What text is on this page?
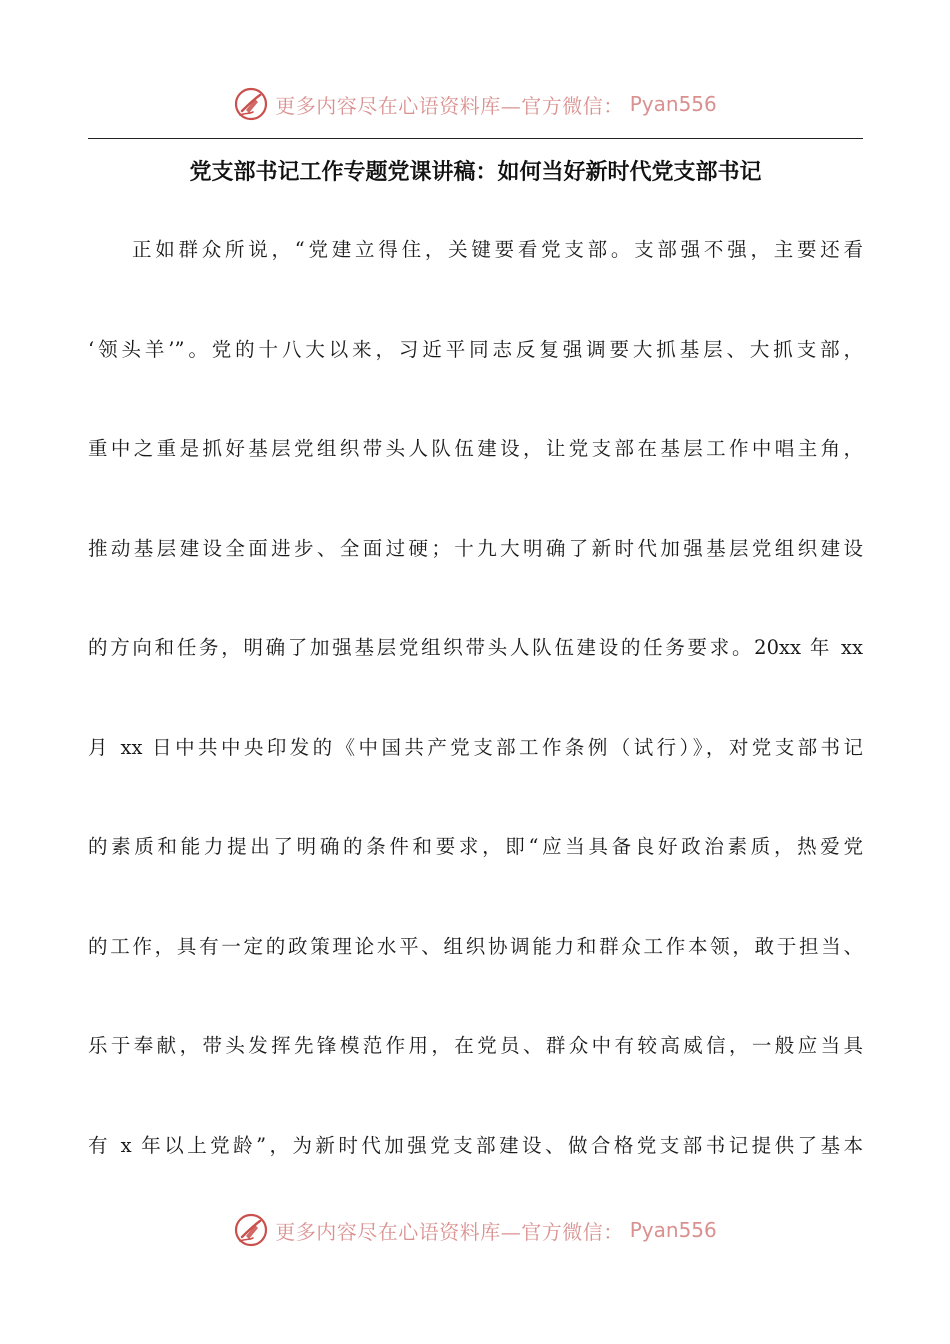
更多内容尽在心语资料库—官方微信： Pyan556
党支部书记工作专题党课讲稿：如何当好新时代党支部书记
正如群众所说，“党建立得住，关键要看党支部。支部强不强，主要还看
‘领头羊’”。党的十八大以来，习近平同志反复强调要大抓基层、大抓支部，
重中之重是抓好基层党组织带头人队伍建设，让党支部在基层工作中唱主角，
推动基层建设全面进步、全面过硬；十九大明确了新时代加强基层党组织建设
的方向和任务，明确了加强基层党组织带头人队伍建设的任务要求。20xx 年 xx
月 xx 日中共中央印发的《中国共产党支部工作条例（试行）》，对党支部书记
的素质和能力提出了明确的条件和要求，即“应当具备良好政治素质，热爱党
的工作，具有一定的政策理论水平、组织协调能力和群众工作本领，敢于担当、
乐于奉献，带头发挥先锋模范作用，在党员、群众中有较高威信，一般应当具
有 x 年以上党龄”，为新时代加强党支部建设、做合格党支部书记提供了基本
更多内容尽在心语资料库—官方微信： Pyan556
